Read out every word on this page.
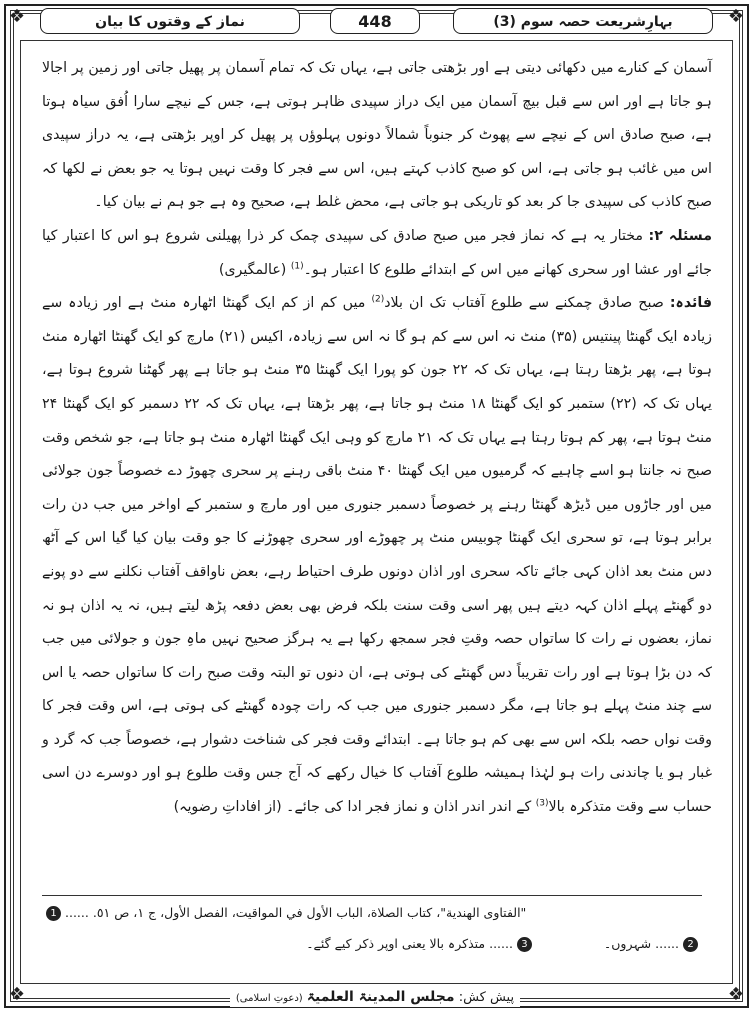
❖	❖
❖	❖
بہارِشریعت حصہ سوم (3)
448
نماز کے وقتوں کا بیان

آسمان کے کنارے میں دکھائی دیتی ہے اور بڑھتی جاتی ہے، یہاں تک کہ تمام آسمان پر پھیل جاتی اور زمین پر اجالا ہو جاتا ہے اور اس سے قبل بیچ آسمان میں ایک دراز سپیدی ظاہر ہوتی ہے، جس کے نیچے سارا اُفق سیاہ ہوتا ہے، صبح صادق اس کے نیچے سے پھوٹ کر جنوباً شمالاً دونوں پہلوؤں پر پھیل کر اوپر بڑھتی ہے، یہ دراز سپیدی اس میں غائب ہو جاتی ہے، اس کو صبح کاذب کہتے ہیں، اس سے فجر کا وقت نہیں ہوتا یہ جو بعض نے لکھا کہ صبح کاذب کی سپیدی جا کر بعد کو تاریکی ہو جاتی ہے، محض غلط ہے، صحیح وہ ہے جو ہم نے بیان کیا۔

مسئلہ ۲: مختار یہ ہے کہ نماز فجر میں صبح صادق کی سپیدی چمک کر ذرا پھیلنی شروع ہو اس کا اعتبار کیا جائے اور عشا اور سحری کھانے میں اس کے ابتدائے طلوع کا اعتبار ہو۔$^{(1)}$ (عالمگیری)

فائدہ: صبح صادق چمکنے سے طلوع آفتاب تک ان بلاد$^{(2)}$ میں کم از کم ایک گھنٹا اٹھارہ منٹ ہے اور زیادہ سے زیادہ ایک گھنٹا پینتیس (۳۵) منٹ نہ اس سے کم ہو گا نہ اس سے زیادہ، اکیس (۲۱) مارچ کو ایک گھنٹا اٹھارہ منٹ ہوتا ہے، پھر بڑھتا رہتا ہے، یہاں تک کہ ۲۲ جون کو پورا ایک گھنٹا ۳۵ منٹ ہو جاتا ہے پھر گھٹنا شروع ہوتا ہے، یہاں تک کہ (۲۲) ستمبر کو ایک گھنٹا ۱۸ منٹ ہو جاتا ہے، پھر بڑھتا ہے، یہاں تک کہ ۲۲ دسمبر کو ایک گھنٹا ۲۴ منٹ ہوتا ہے، پھر کم ہوتا رہتا ہے یہاں تک کہ ۲۱ مارچ کو وہی ایک گھنٹا اٹھارہ منٹ ہو جاتا ہے، جو شخص وقت صبح نہ جانتا ہو اسے چاہیے کہ گرمیوں میں ایک گھنٹا ۴۰ منٹ باقی رہنے پر سحری چھوڑ دے خصوصاً جون جولائی میں اور جاڑوں میں ڈیڑھ گھنٹا رہنے پر خصوصاً دسمبر جنوری میں اور مارچ و ستمبر کے اواخر میں جب دن رات برابر ہوتا ہے، تو سحری ایک گھنٹا چوبیس منٹ پر چھوڑے اور سحری چھوڑنے کا جو وقت بیان کیا گیا اس کے آٹھ دس منٹ بعد اذان کہی جائے تاکہ سحری اور اذان دونوں طرف احتیاط رہے، بعض ناواقف آفتاب نکلنے سے دو پونے دو گھنٹے پہلے اذان کہہ دیتے ہیں پھر اسی وقت سنت بلکہ فرض بھی بعض دفعہ پڑھ لیتے ہیں، نہ یہ اذان ہو نہ نماز، بعضوں نے رات کا ساتواں حصہ وقتِ فجر سمجھ رکھا ہے یہ ہرگز صحیح نہیں ماہِ جون و جولائی میں جب کہ دن بڑا ہوتا ہے اور رات تقریباً دس گھنٹے کی ہوتی ہے، ان دنوں تو البتہ وقت صبح رات کا ساتواں حصہ یا اس سے چند منٹ پہلے ہو جاتا ہے، مگر دسمبر جنوری میں جب کہ رات چودہ گھنٹے کی ہوتی ہے، اس وقت فجر کا وقت نواں حصہ بلکہ اس سے بھی کم ہو جاتا ہے۔ ابتدائے وقت فجر کی شناخت دشوار ہے، خصوصاً جب کہ گرد و غبار ہو یا چاندنی رات ہو لہٰذا ہمیشہ طلوع آفتاب کا خیال رکھے کہ آج جس وقت طلوع ہو اور دوسرے دن اسی حساب سے وقت متذکرہ بالا$^{(3)}$ کے اندر اندر اذان و نماز فجر ادا کی جائے۔ (از افاداتِ رضویہ)

1 ...... "الفتاوى الهندية"، كتاب الصلاة، الباب الأول في المواقيت، الفصل الأول، ج ١، ص ٥١.
2...... شہروں۔  3...... متذکرہ بالا یعنی اوپر ذکر کیے گئے۔
پیش کش: مجلس المدینۃ العلمیۃ (دعوتِ اسلامی)
